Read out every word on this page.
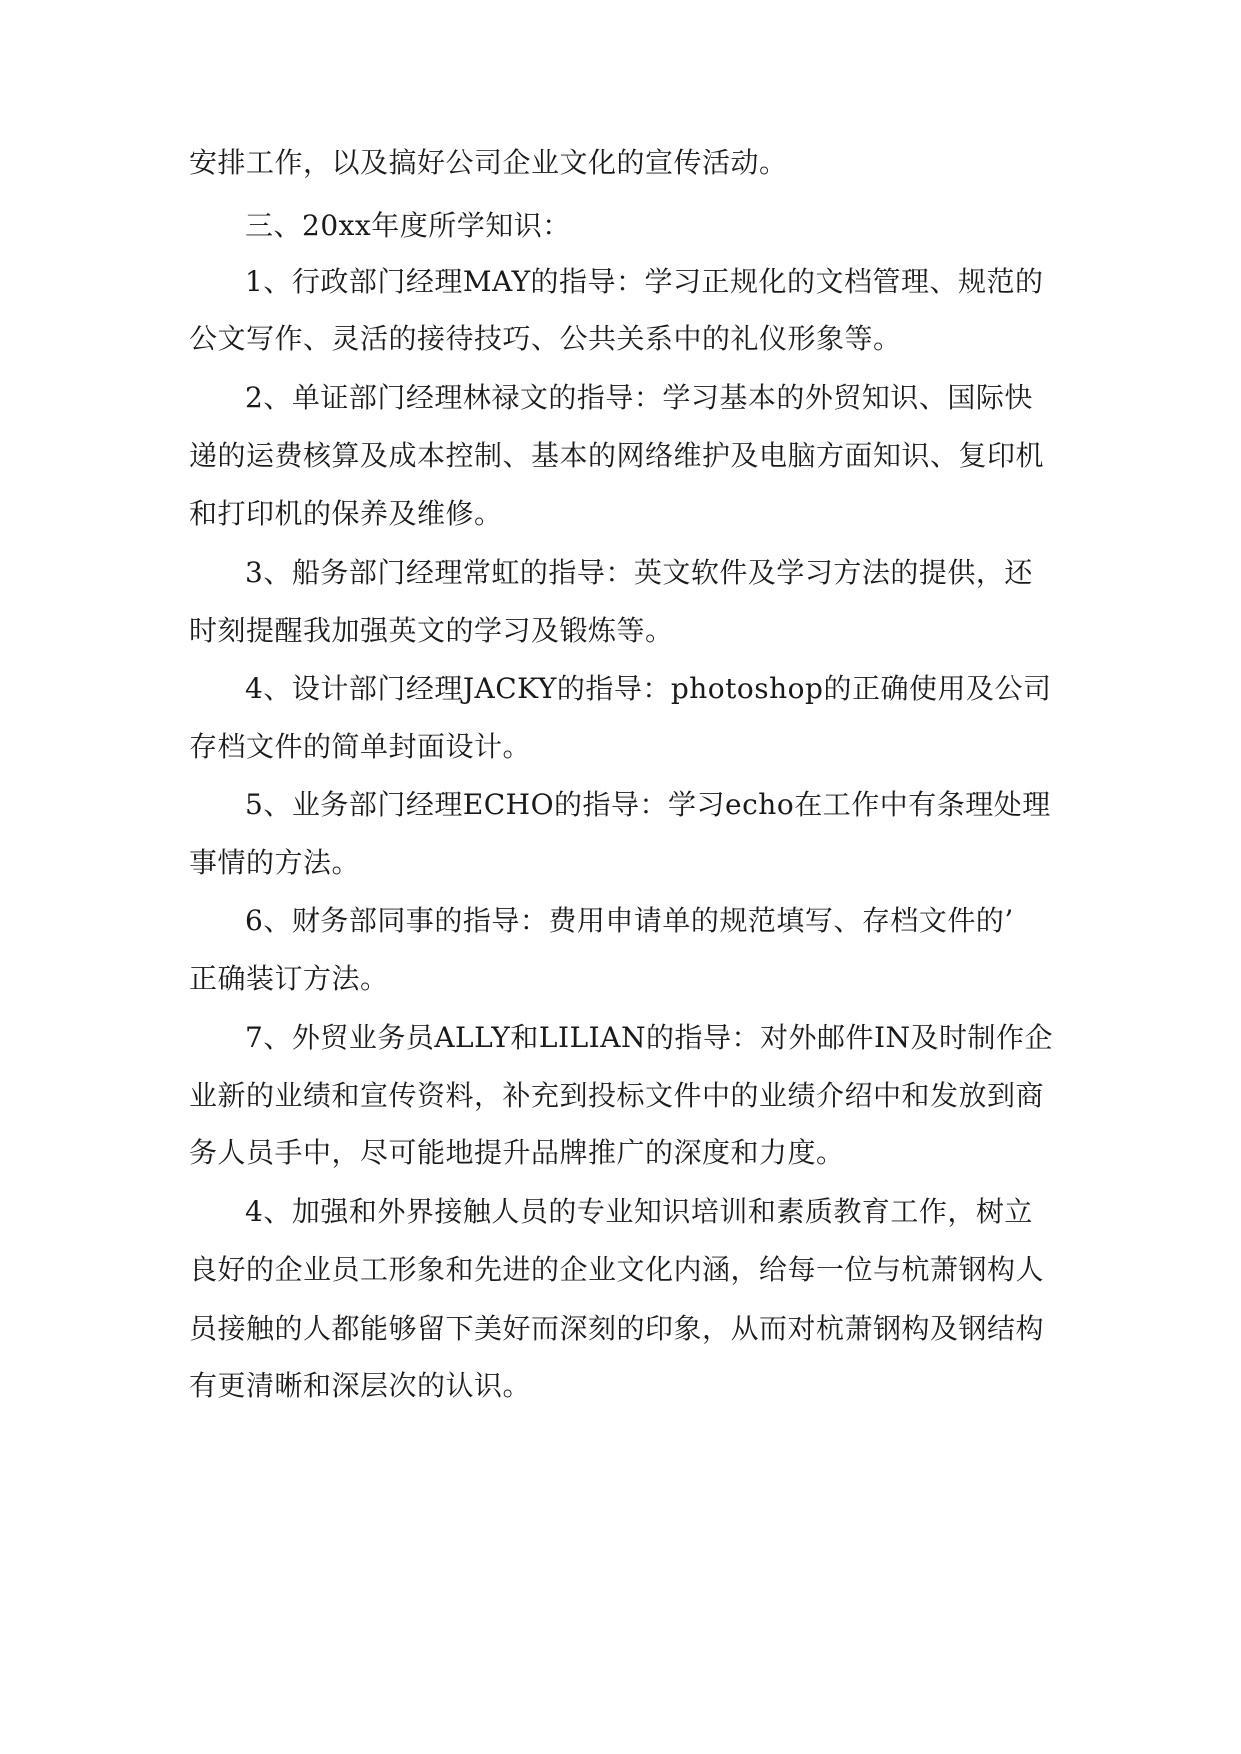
安排工作，以及搞好公司企业文化的宣传活动。
三、20xx年度所学知识：
1、行政部门经理MAY的指导：学习正规化的文档管理、规范的
公文写作、灵活的接待技巧、公共关系中的礼仪形象等。
2、单证部门经理林禄文的指导：学习基本的外贸知识、国际快
递的运费核算及成本控制、基本的网络维护及电脑方面知识、复印机
和打印机的保养及维修。
3、船务部门经理常虹的指导：英文软件及学习方法的提供，还
时刻提醒我加强英文的学习及锻炼等。
4、设计部门经理JACKY的指导：photoshop的正确使用及公司
存档文件的简单封面设计。
5、业务部门经理ECHO的指导：学习echo在工作中有条理处理
事情的方法。
6、财务部同事的指导：费用申请单的规范填写、存档文件的’
正确装订方法。
7、外贸业务员ALLY和LILIAN的指导：对外邮件IN及时制作企
业新的业绩和宣传资料，补充到投标文件中的业绩介绍中和发放到商
务人员手中，尽可能地提升品牌推广的深度和力度。
4、加强和外界接触人员的专业知识培训和素质教育工作，树立
良好的企业员工形象和先进的企业文化内涵，给每一位与杭萧钢构人
员接触的人都能够留下美好而深刻的印象，从而对杭萧钢构及钢结构
有更清晰和深层次的认识。
